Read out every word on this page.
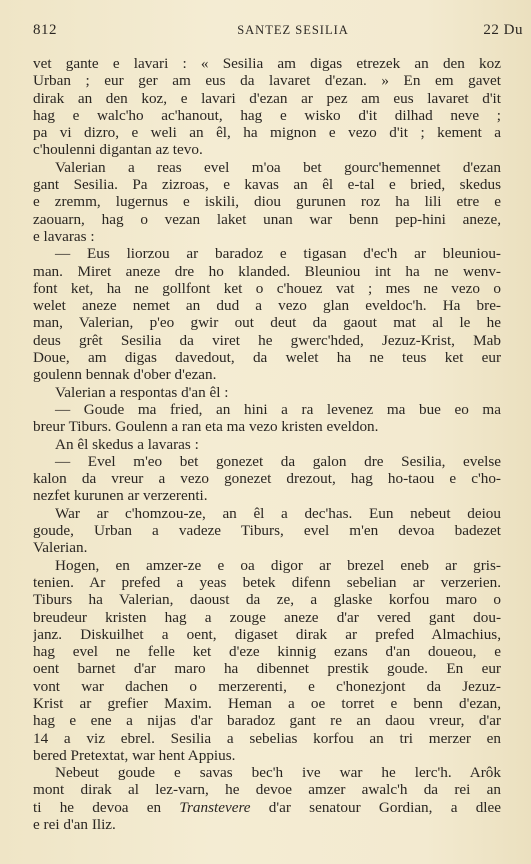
812	SANTEZ SESILIA	22 Du

vet gante e lavari : « Sesilia am digas etrezek an den koz

Urban ; eur ger am eus da lavaret d'ezan. » En em gavet

dirak an den koz, e lavari d'ezan ar pez am eus lavaret d'it

hag e walc'ho ac'hanout, hag e wisko d'it dilhad neve ;

pa vi dizro, e weli an êl, ha mignon e vezo d'it ; kement a

c'houlenni digantan az tevo.

Valerian a reas evel m'oa bet gourc'hemennet d'ezan

gant Sesilia. Pa zizroas, e kavas an êl e-tal e bried, skedus

e zremm, lugernus e iskili, diou gurunen roz ha lili etre e

zaouarn, hag o vezan laket unan war benn pep-hini aneze,

e lavaras :

— Eus liorzou ar baradoz e tigasan d'ec'h ar bleuniou-

man. Miret aneze dre ho klanded. Bleuniou int ha ne wenv-

font ket, ha ne gollfont ket o c'houez vat ; mes ne vezo o

welet aneze nemet an dud a vezo glan eveldoc'h. Ha bre-

man, Valerian, p'eo gwir out deut da gaout mat al le he

deus grêt Sesilia da viret he gwerc'hded, Jezuz-Krist, Mab

Doue, am digas davedout, da welet ha ne teus ket eur

goulenn bennak d'ober d'ezan.

Valerian a respontas d'an êl :

— Goude ma fried, an hini a ra levenez ma bue eo ma

breur Tiburs. Goulenn a ran eta ma vezo kristen eveldon.

An êl skedus a lavaras :

— Evel m'eo bet gonezet da galon dre Sesilia, evelse

kalon da vreur a vezo gonezet drezout, hag ho-taou e c'ho-

nezfet kurunen ar verzerenti.

War ar c'homzou-ze, an êl a dec'has. Eun nebeut deiou

goude, Urban a vadeze Tiburs, evel m'en devoa badezet

Valerian.

Hogen, en amzer-ze e oa digor ar brezel eneb ar gris-

tenien. Ar prefed a yeas betek difenn sebelian ar verzerien.

Tiburs ha Valerian, daoust da ze, a glaske korfou maro o

breudeur kristen hag a zouge aneze d'ar vered gant dou-

janz. Diskuilhet a oent, digaset dirak ar prefed Almachius,

hag evel ne felle ket d'eze kinnig ezans d'an doueou, e

oent barnet d'ar maro ha dibennet prestik goude. En eur

vont war dachen o merzerenti, e c'honezjont da Jezuz-

Krist ar grefier Maxim. Heman a oe torret e benn d'ezan,

hag e ene a nijas d'ar baradoz gant re an daou vreur, d'ar

14 a viz ebrel. Sesilia a sebelias korfou an tri merzer en

bered Pretextat, war hent Appius.

Nebeut goude e savas bec'h ive war he lerc'h. Arôk

mont dirak al lez-varn, he devoe amzer awalc'h da rei an

ti he devoa en Transtevere d'ar senatour Gordian, a dlee

e rei d'an Iliz.
